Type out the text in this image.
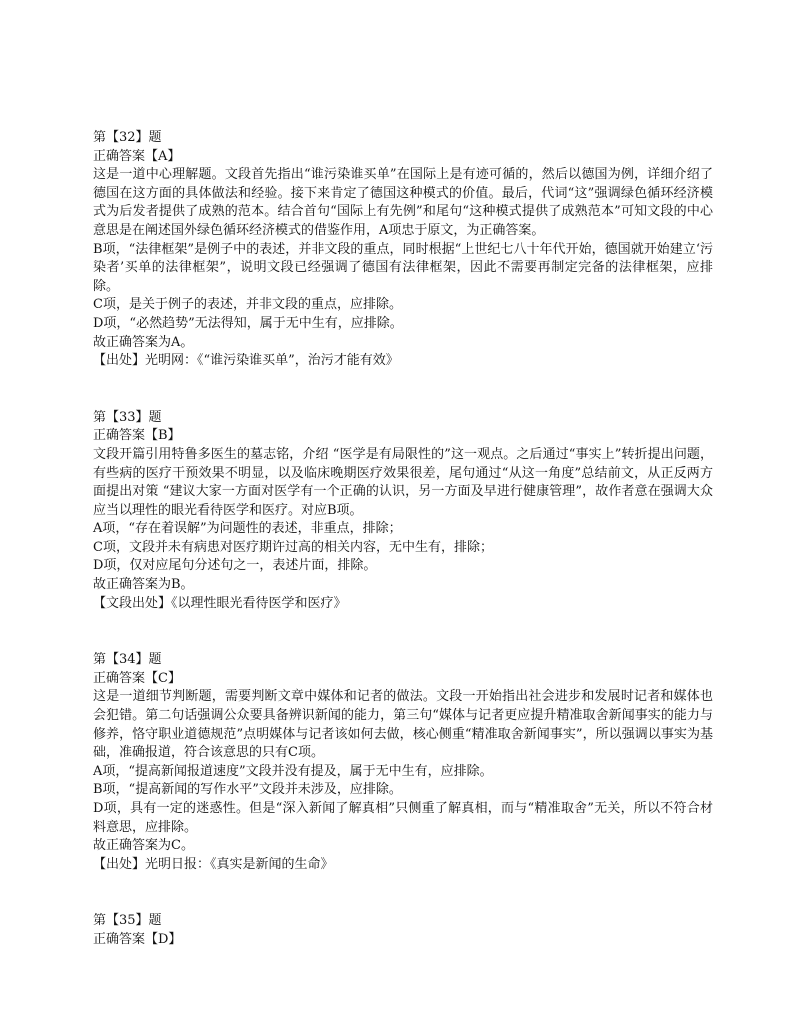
第【32】题
正确答案【A】
这是一道中心理解题。文段首先指出“谁污染谁买单”在国际上是有迹可循的，然后以德国为例，详细介绍了德国在这方面的具体做法和经验。接下来肯定了德国这种模式的价值。最后，代词“这”强调绿色循环经济模式为后发者提供了成熟的范本。结合首句“国际上有先例”和尾句“这种模式提供了成熟范本”可知文段的中心意思是在阐述国外绿色循环经济模式的借鉴作用，A项忠于原文，为正确答案。
B项，“法律框架”是例子中的表述，并非文段的重点，同时根据“上世纪七八十年代开始，德国就开始建立‘污染者’买单的法律框架”，说明文段已经强调了德国有法律框架，因此不需要再制定完备的法律框架，应排除。
C项，是关于例子的表述，并非文段的重点，应排除。
D项，“必然趋势”无法得知，属于无中生有，应排除。
故正确答案为A。
【出处】光明网：《“谁污染谁买单”，治污才能有效》
第【33】题
正确答案【B】
文段开篇引用特鲁多医生的墓志铭，介绍 “医学是有局限性的”这一观点。之后通过“事实上”转折提出问题，有些病的医疗干预效果不明显，以及临床晚期医疗效果很差，尾句通过“从这一角度”总结前文，从正反两方面提出对策 “建议大家一方面对医学有一个正确的认识，另一方面及早进行健康管理”，故作者意在强调大众应当以理性的眼光看待医学和医疗。对应B项。
A项，“存在着误解”为问题性的表述，非重点，排除；
C项，文段并未有病患对医疗期许过高的相关内容，无中生有，排除；
D项，仅对应尾句分述句之一，表述片面，排除。
故正确答案为B。
【文段出处】《以理性眼光看待医学和医疗》
第【34】题
正确答案【C】
这是一道细节判断题，需要判断文章中媒体和记者的做法。文段一开始指出社会进步和发展时记者和媒体也会犯错。第二句话强调公众要具备辨识新闻的能力，第三句“媒体与记者更应提升精准取舍新闻事实的能力与修养，恪守职业道德规范”点明媒体与记者该如何去做，核心侧重“精准取舍新闻事实”，所以强调以事实为基础，准确报道，符合该意思的只有C项。
A项，“提高新闻报道速度”文段并没有提及，属于无中生有，应排除。
B项，“提高新闻的写作水平”文段并未涉及，应排除。
D项，具有一定的迷惑性。但是“深入新闻了解真相”只侧重了解真相，而与“精准取舍”无关，所以不符合材料意思，应排除。
故正确答案为C。
【出处】光明日报：《真实是新闻的生命》
第【35】题
正确答案【D】
